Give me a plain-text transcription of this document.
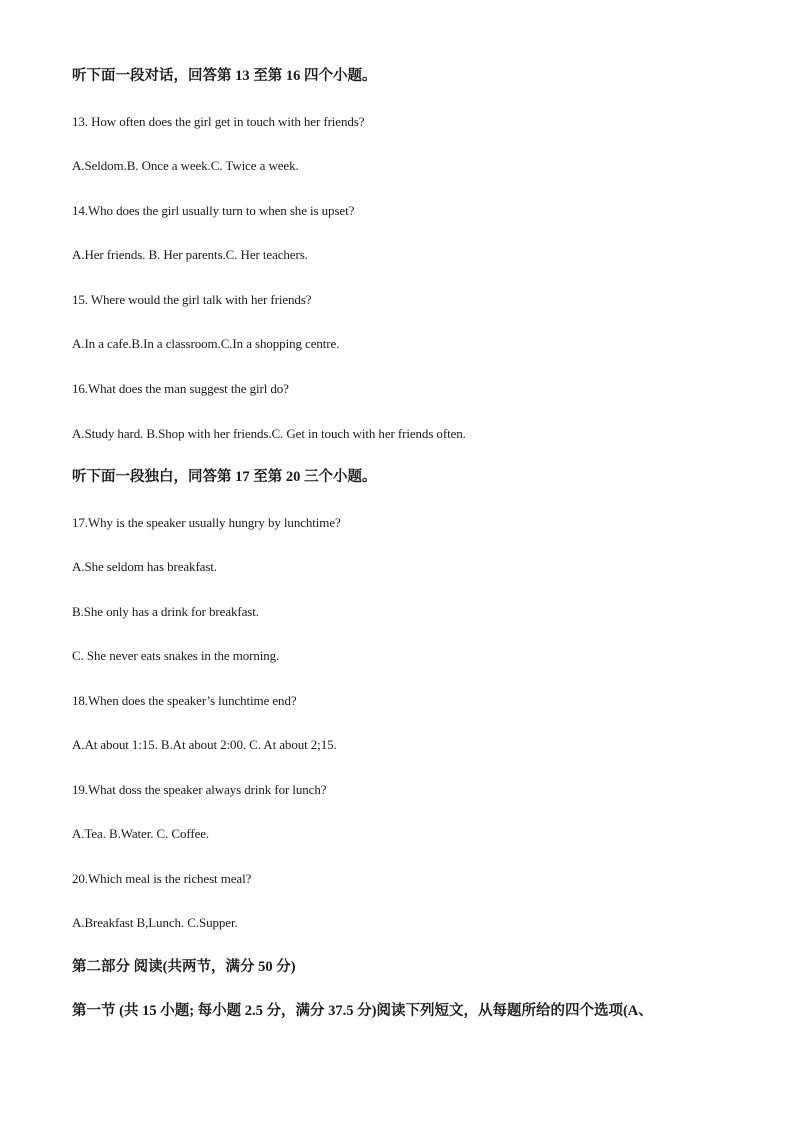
听下面一段对话，回答第 13 至第 16 四个小题。
13. How often does the girl get in touch with her friends?
A.Seldom.B. Once a week.C. Twice a week.
14.Who does the girl usually turn to when she is upset?
A.Her friends. B. Her parents.C. Her teachers.
15. Where would the girl talk with her friends?
A.In a cafe.B.In a classroom.C.In a shopping centre.
16.What does the man suggest the girl do?
A.Study hard. B.Shop with her friends.C. Get in touch with her friends often.
听下面一段独白，同答第 17 至第 20 三个小题。
17.Why is the speaker usually hungry by lunchtime?
A.She seldom has breakfast.
B.She only has a drink for breakfast.
C. She never eats snakes in the morning.
18.When does the speaker’s lunchtime end?
A.At about 1:15. B.At about 2:00. C. At about 2;15.
19.What doss the speaker always drink for lunch?
A.Tea. B.Water. C. Coffee.
20.Which meal is the richest meal?
A.Breakfast B,Lunch. C.Supper.
第二部分 阅读(共两节，满分 50 分)
第一节 (共 15 小题; 每小题 2.5 分，满分 37.5 分)阅读下列短文，从每题所给的四个选项(A、
